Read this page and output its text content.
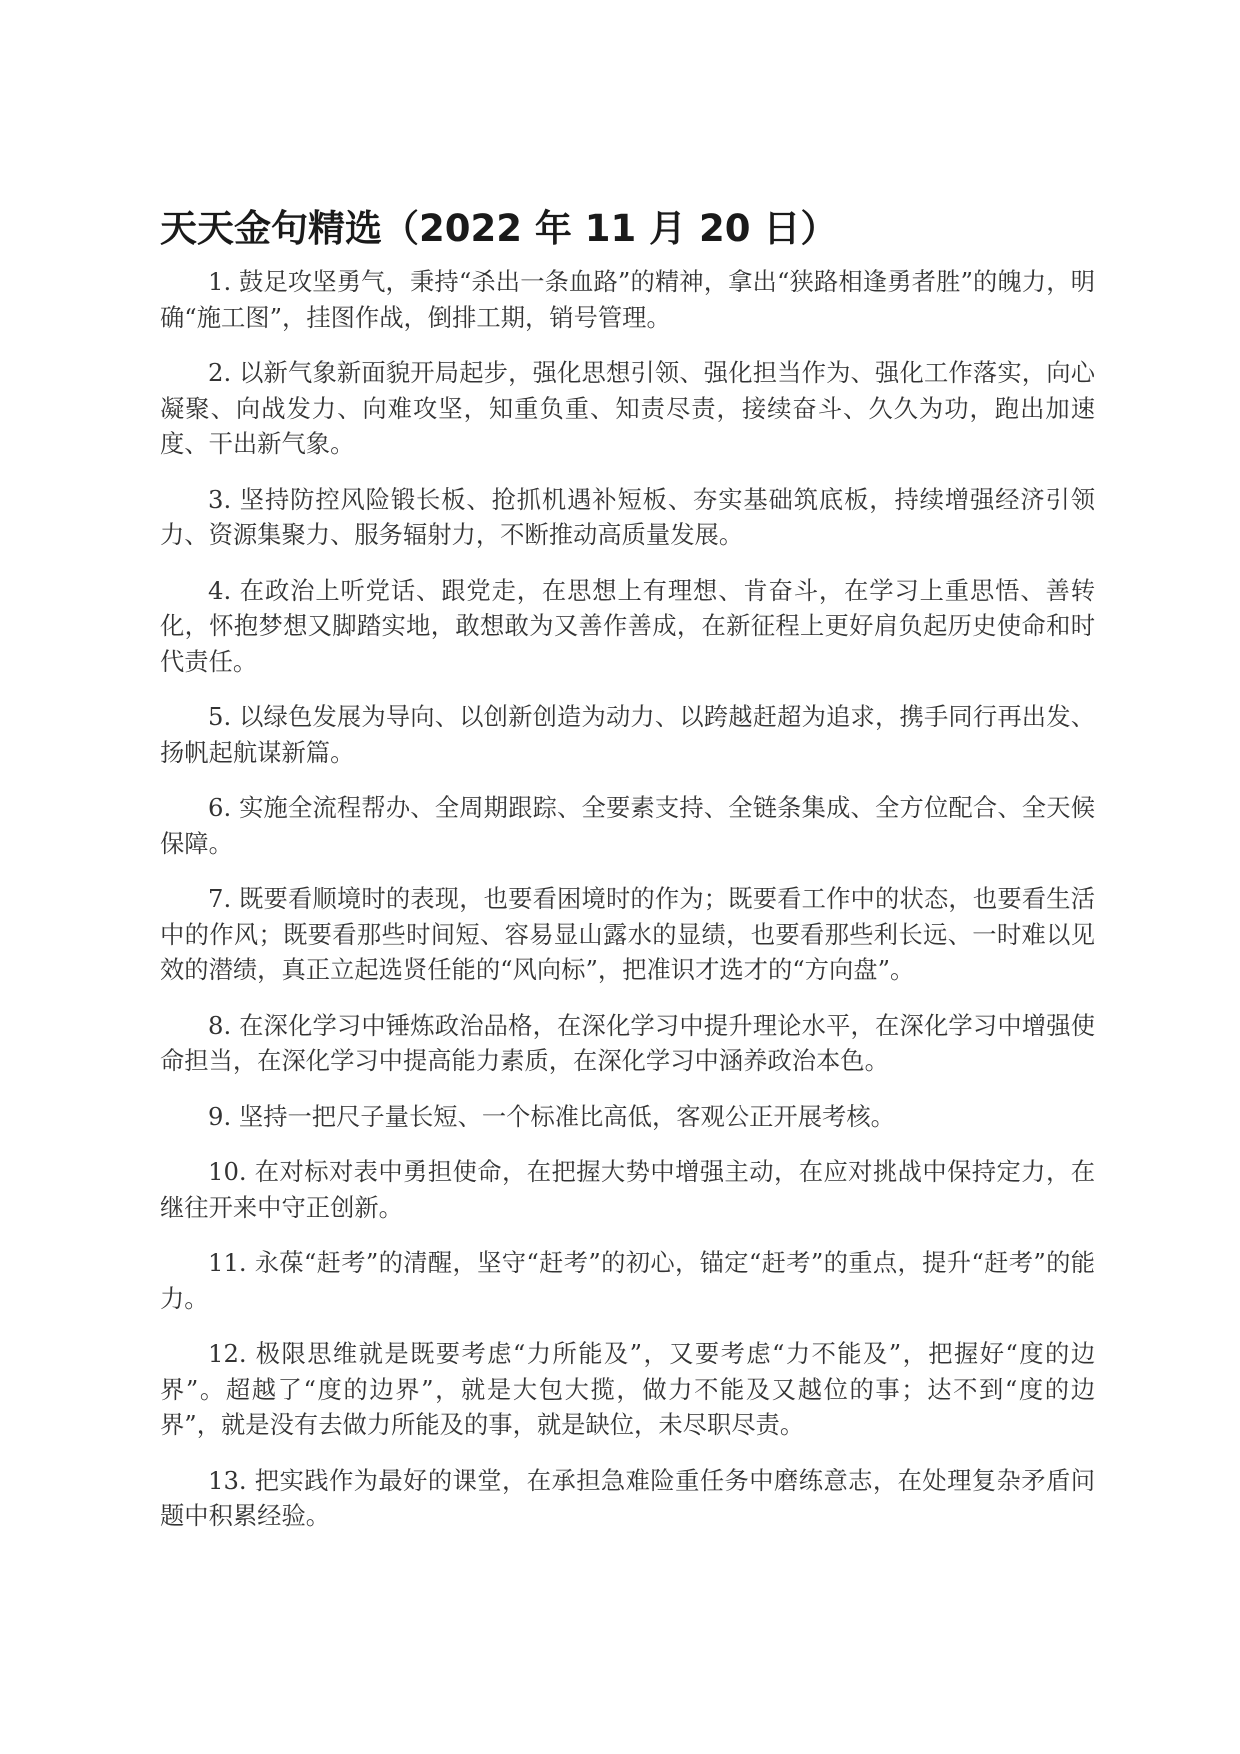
天天金句精选（2022 年 11 月 20 日）

1. 鼓足攻坚勇气，秉持“杀出一条血路”的精神，拿出“狭路相逢勇者胜”的魄力，明确“施工图”，挂图作战，倒排工期，销号管理。

2. 以新气象新面貌开局起步，强化思想引领、强化担当作为、强化工作落实，向心凝聚、向战发力、向难攻坚，知重负重、知责尽责，接续奋斗、久久为功，跑出加速度、干出新气象。

3. 坚持防控风险锻长板、抢抓机遇补短板、夯实基础筑底板，持续增强经济引领力、资源集聚力、服务辐射力，不断推动高质量发展。

4. 在政治上听党话、跟党走，在思想上有理想、肯奋斗，在学习上重思悟、善转化，怀抱梦想又脚踏实地，敢想敢为又善作善成，在新征程上更好肩负起历史使命和时代责任。

5. 以绿色发展为导向、以创新创造为动力、以跨越赶超为追求，携手同行再出发、扬帆起航谋新篇。

6. 实施全流程帮办、全周期跟踪、全要素支持、全链条集成、全方位配合、全天候保障。

7. 既要看顺境时的表现，也要看困境时的作为；既要看工作中的状态，也要看生活中的作风；既要看那些时间短、容易显山露水的显绩，也要看那些利长远、一时难以见效的潜绩，真正立起选贤任能的“风向标”，把准识才选才的“方向盘”。

8. 在深化学习中锤炼政治品格，在深化学习中提升理论水平，在深化学习中增强使命担当，在深化学习中提高能力素质，在深化学习中涵养政治本色。

9. 坚持一把尺子量长短、一个标准比高低，客观公正开展考核。

10. 在对标对表中勇担使命，在把握大势中增强主动，在应对挑战中保持定力，在继往开来中守正创新。

11. 永葆“赶考”的清醒，坚守“赶考”的初心，锚定“赶考”的重点，提升“赶考”的能力。

12. 极限思维就是既要考虑“力所能及”，又要考虑“力不能及”，把握好“度的边界”。超越了“度的边界”，就是大包大揽，做力不能及又越位的事；达不到“度的边界”，就是没有去做力所能及的事，就是缺位，未尽职尽责。

13. 把实践作为最好的课堂，在承担急难险重任务中磨练意志，在处理复杂矛盾问题中积累经验。
